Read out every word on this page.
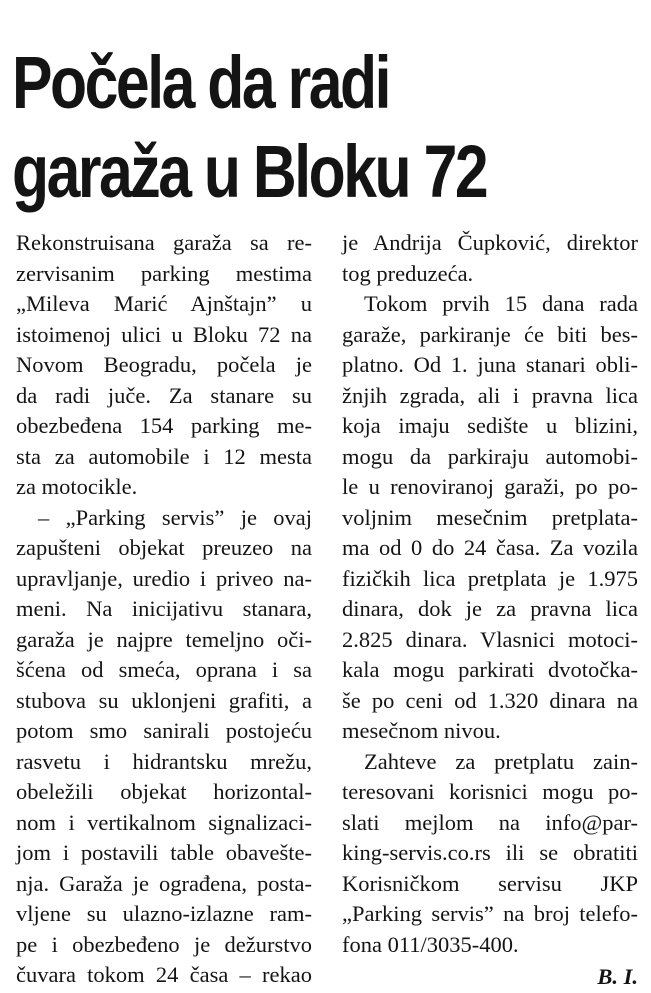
Počela da radi
garaža u Bloku 72
Rekonstruisana garaža sa re-
zervisanim parking mestima
„Mileva Marić Ajnštajn” u
istoimenoj ulici u Bloku 72 na
Novom Beogradu, počela je
da radi juče. Za stanare su
obezbeđena 154 parking me-
sta za automobile i 12 mesta
za motocikle.
– „Parking servis” je ovaj
zapušteni objekat preuzeo na
upravljanje, uredio i priveo na-
meni. Na inicijativu stanara,
garaža je najpre temeljno oči-
šćena od smeća, oprana i sa
stubova su uklonjeni grafiti, a
potom smo sanirali postojeću
rasvetu i hidrantsku mrežu,
obeležili objekat horizontal-
nom i vertikalnom signalizaci-
jom i postavili table obavešte-
nja. Garaža je ograđena, posta-
vljene su ulazno-izlazne ram-
pe i obezbeđeno je dežurstvo
čuvara tokom 24 časa – rekao
je Andrija Čupković, direktor
tog preduzeća.
Tokom prvih 15 dana rada
garaže, parkiranje će biti bes-
platno. Od 1. juna stanari obli-
žnjih zgrada, ali i pravna lica
koja imaju sedište u blizini,
mogu da parkiraju automobi-
le u renoviranoj garaži, po po-
voljnim mesečnim pretplata-
ma od 0 do 24 časa. Za vozila
fizičkih lica pretplata je 1.975
dinara, dok je za pravna lica
2.825 dinara. Vlasnici motoci-
kala mogu parkirati dvotočka-
še po ceni od 1.320 dinara na
mesečnom nivou.
Zahteve za pretplatu zain-
teresovani korisnici mogu po-
slati mejlom na info@par-
king-servis.co.rs ili se obratiti
Korisničkom servisu JKP
„Parking servis” na broj telefo-
fona 011/3035-400.
B. I.
